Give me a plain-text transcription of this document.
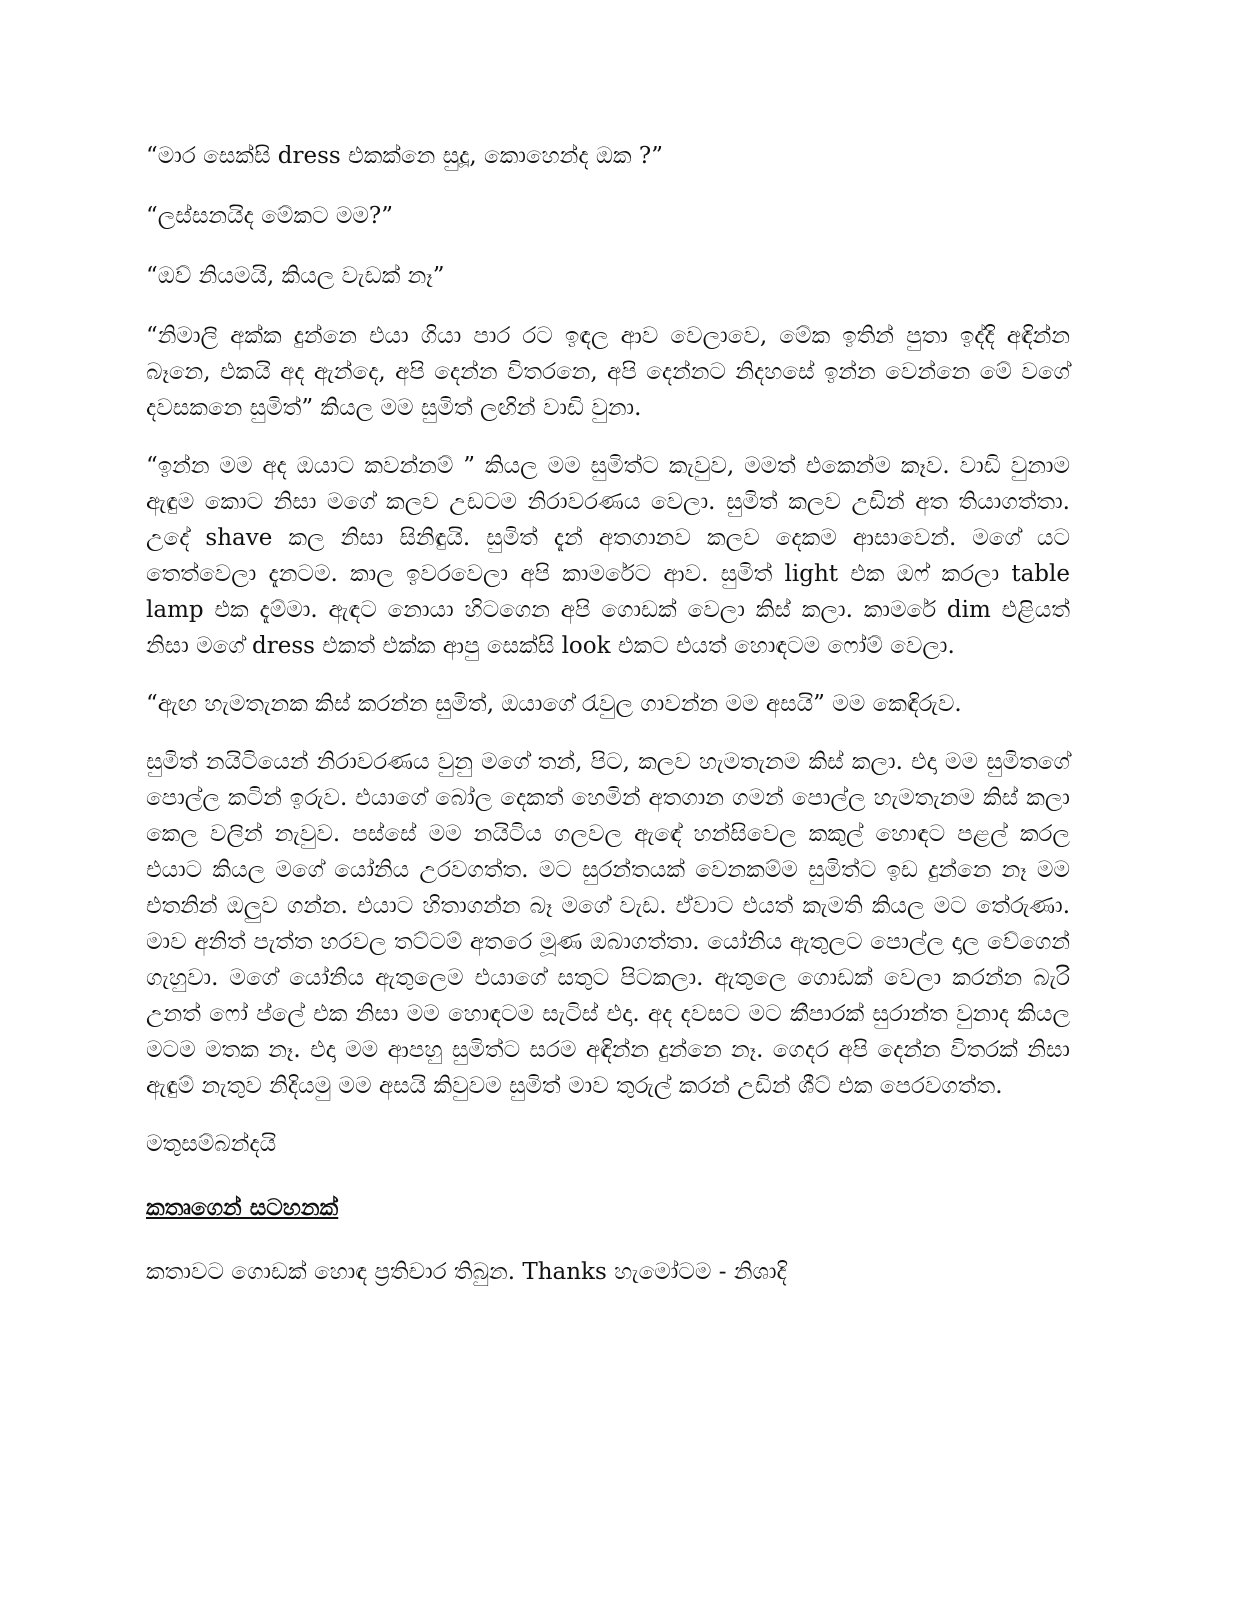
“මාර සෙක්සි dress එකක්නෙ සුදූ, කොහෙන්ද ඔක ?”

“ලස්සනයිද මේකට මම?”

“ඔව් නියමයි, කියල වැඩක් නෑ”

“නිමාලි අක්ක දුන්නෙ එයා ගියා පාර රට ඉඳල ආව වෙලාවෙ, මේක ඉතින් පුතා ඉද්දි අඳින්න බෑනෙ, එකයි අද ඇන්දෙ, අපි දෙන්න විතරනෙ, අපි දෙන්නට නිදහසේ ඉන්න වෙන්නෙ මේ වගේ දවසකනෙ සුමිත්” කියල මම සුමිත් ලඟින් වාඩි වුනා.

“ඉන්න මම අද ඔයාට කවන්නම් ” කියල මම සුමිත්ට කැවුව, මමත් එකෙන්ම කෑව. වාඩි වුනාම ඇඳුම කොට නිසා මගේ කලව උඩටම නිරාවරණය වෙලා. සුමිත් කලව උඩින් අත තියාගත්තා. උදේ shave කල නිසා සිනිඳුයි. සුමිත් දැන් අතගානව කලව දෙකම ආසාවෙන්. මගේ යට තෙත්වෙලා දැනටම. කාල ඉවරවෙලා අපි කාමරේට ආව. සුමිත් light එක ඔෆ් කරලා table lamp එක දැම්මා. ඇඳට නොයා හිටගෙන අපි ගොඩක් වෙලා කිස් කලා. කාමරේ dim එළියත් නිසා මගේ dress එකත් එක්ක ආපු සෙක්සි look එකට එයත් හොඳටම ෆෝම් වෙලා.

“ඇඟ හැමතැනක කිස් කරන්න සුමිත්, ඔයාගේ රැවුල ගාවන්න මම අසයි” මම කෙඳිරුව.

සුමිත් නයිටියෙන් නිරාවරණය වුනු මගේ තන්, පිට, කලව හැමතැනම කිස් කලා. එදා මම සුමිතගේ පොල්ල කටින් ඉරුව. එයාගේ බෝල දෙකත් හෙමින් අතගාන ගමන් පොල්ල හැමතැනම කිස් කලා කෙල වලින් නැවුව. පස්සේ මම නයිටිය ගලවල ඇඳේ හන්සිවෙල කකුල් හොඳට පළල් කරල එයාට කියල මගේ යෝනිය උරවගත්ත. මට සුරන්තයක් වෙනකම්ම සුමිත්ට ඉඩ දුන්නෙ නෑ මම එතනින් ඔලුව ගන්න. එයාට හිතාගන්න බෑ මගේ වැඩ. ඒවාට එයත් කැමති කියල මට තේරුණා. මාව අනිත් පැත්ත හරවල තට්ටම් අතරෙ මූණ ඔබාගත්තා. යෝනිය ඇතුලට පොල්ල දාල වේගෙන් ගැහුවා. මගේ යෝනිය ඇතුලෙම එයාගේ සතුට පිටකලා. ඇතුලෙ ගොඩක් වෙලා කරන්න බැරි උනත් ෆෝ ප්ලේ එක නිසා මම හොඳටම සැටිස් එදා. අද දවසට මට කීපාරක් සුරාන්ත වුනාද කියල මටම මතක නෑ. එදා මම ආපහු සුමිත්ට සරම අඳින්න දුන්නෙ නෑ. ගෙදර අපි දෙන්න විතරක් නිසා ඇඳුම් නැතුව නිදියමු මම අසයි කිවුවම සුමිත් මාව තුරුල් කරන් උඩින් ශීට් එක පෙරවගත්ත.

මතුසම්බන්දයි

කතෘගෙන් සටහනක්

කතාවට ගොඩක් හොඳ ප්‍රතිචාර තිබුන. Thanks හැමෝටම - නිශාදි
